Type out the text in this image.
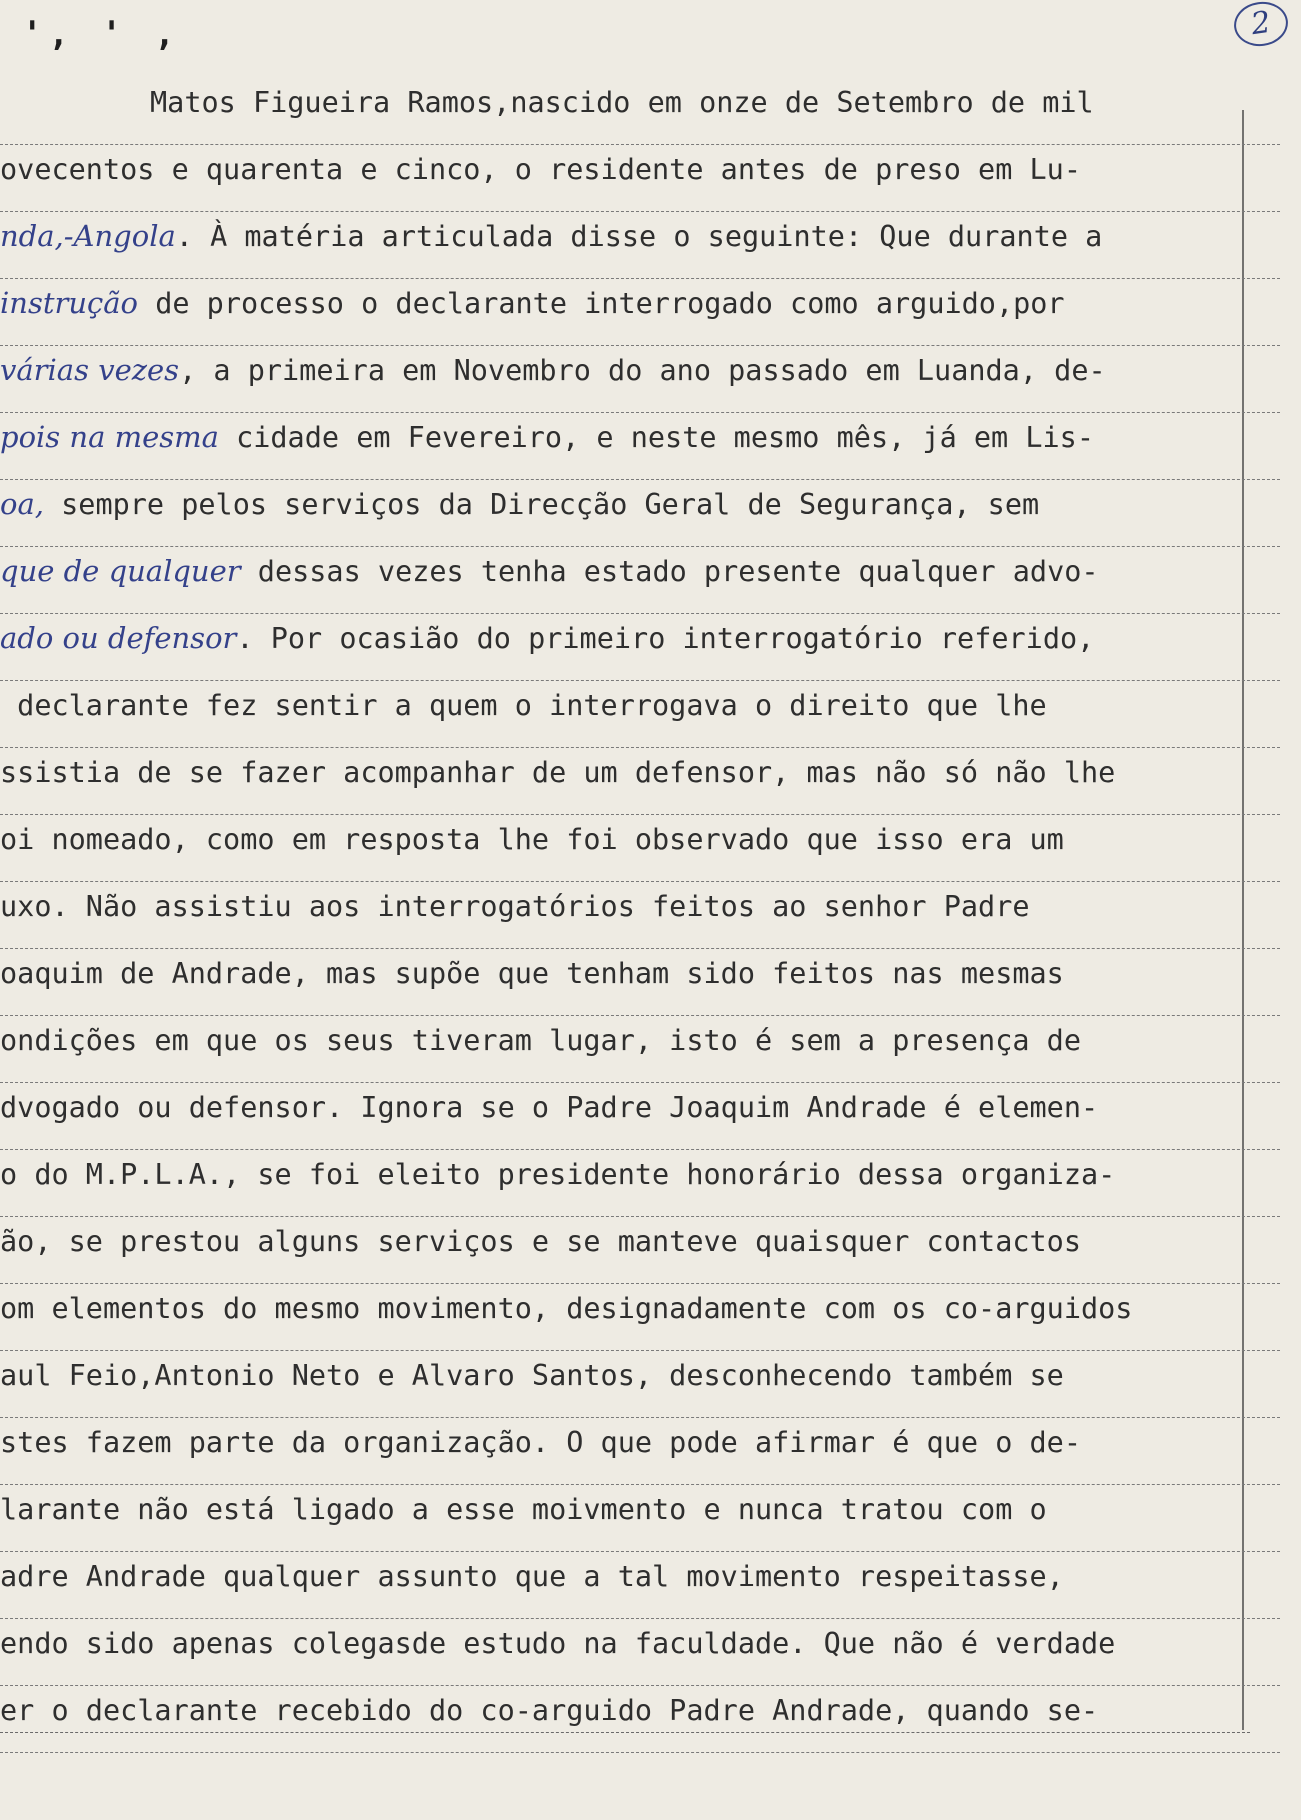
', ' ,	2
Matos Figueira Ramos,nascido em onze de Setembro de mil
ovecentos e quarenta e cinco, o residente antes de preso em Lu-
nda,-Angola. À matéria articulada disse o seguinte: Que durante a
instrução de processo o declarante interrogado como arguido,por
várias vezes, a primeira em Novembro do ano passado em Luanda, de-
pois na mesma cidade em Fevereiro, e neste mesmo mês, já em Lis-
oa, sempre pelos serviços da Direcção Geral de Segurança, sem
que de qualquer dessas vezes tenha estado presente qualquer advo-
ado ou defensor. Por ocasião do primeiro interrogatório referido,
declarante fez sentir a quem o interrogava o direito que lhe
ssistia de se fazer acompanhar de um defensor, mas não só não lhe
oi nomeado, como em resposta lhe foi observado que isso era um
uxo. Não assistiu aos interrogatórios feitos ao senhor Padre
oaquim de Andrade, mas supõe que tenham sido feitos nas mesmas
ondições em que os seus tiveram lugar, isto é sem a presença de
dvogado ou defensor. Ignora se o Padre Joaquim Andrade é elemen-
o do M.P.L.A., se foi eleito presidente honorário dessa organiza-
ão, se prestou alguns serviços e se manteve quaisquer contactos
om elementos do mesmo movimento, designadamente com os co-arguidos
aul Feio,Antonio Neto e Alvaro Santos, desconhecendo também se
stes fazem parte da organização. O que pode afirmar é que o de-
larante não está ligado a esse moivmento e nunca tratou com o
adre Andrade qualquer assunto que a tal movimento respeitasse,
endo sido apenas colegasde estudo na faculdade. Que não é verdade
er o declarante recebido do co-arguido Padre Andrade, quando se-
